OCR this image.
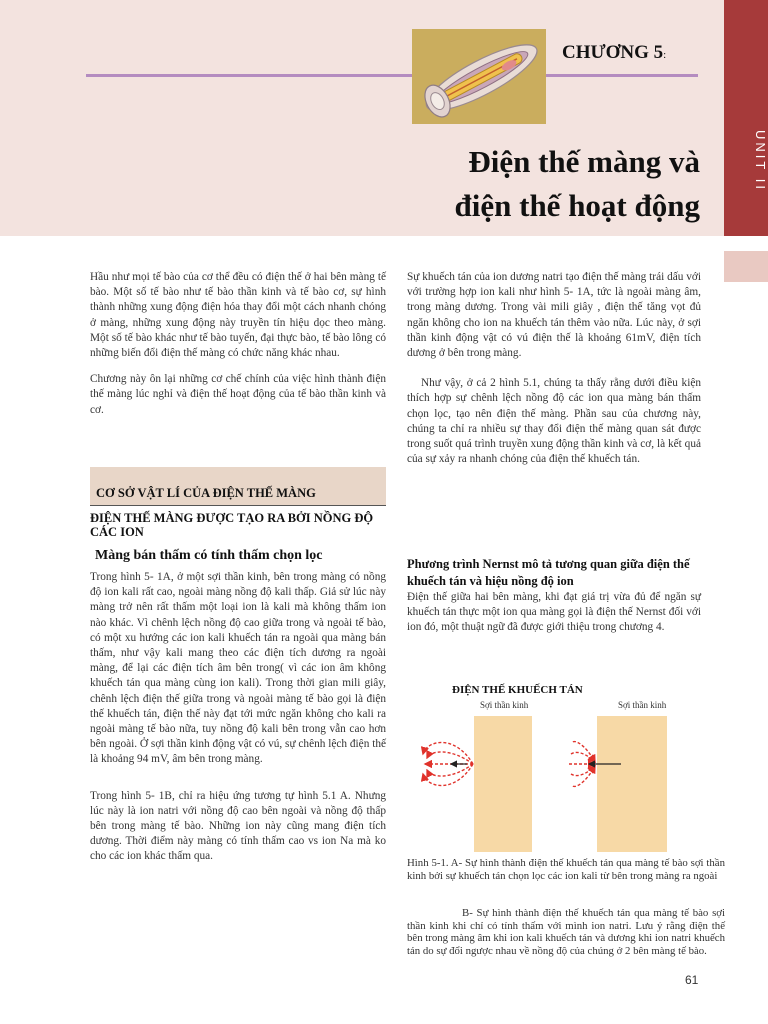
UNIT II
CHƯƠNG 5:
Điện thế màng và
điện thế hoạt động

Hầu như mọi tế bào của cơ thể đều có điện thế ở hai bên màng tế bào. Một số tế bào như tế bào thần kinh và tế bào cơ, sự hình thành những xung động điện hóa thay đổi một cách nhanh chóng ở màng, những xung động này truyền tín hiệu dọc theo màng. Một số tế bào khác như tế bào tuyến, đại thực bào, tế bào lông có những biến đổi điện thế màng có chức năng khác nhau.

Chương này ôn lại những cơ chế chính của việc hình thành điện thế màng lúc nghỉ và điện thế hoạt động của tế bào thần kinh và cơ.

CƠ SỞ VẬT LÍ CỦA ĐIỆN THẾ MÀNG
ĐIỆN THẾ MÀNG ĐƯỢC TẠO RA BỞI NỒNG ĐỘ CÁC ION
Màng bán thấm có tính thấm chọn lọc

Trong hình 5- 1A, ở một sợi thần kinh, bên trong màng có nồng độ ion kali rất cao, ngoài màng nồng độ kali thấp. Giả sử lúc này màng trở nên rất thấm một loại ion là kali mà không thấm ion nào khác. Vì chênh lệch nồng độ cao giữa trong và ngoài tế bào, có một xu hướng các ion kali khuếch tán ra ngoài qua màng bán thấm, như vậy kali mang theo các điện tích dương ra ngoài màng, để lại các điện tích âm bên trong( vì các ion âm không khuếch tán qua màng cùng ion kali). Trong thời gian mili giây, chênh lệch điện thế giữa trong và ngoài màng tế bào gọi là điện thế khuếch tán, điện thế này đạt tới mức ngăn không cho kali ra ngoài màng tế bào nữa, tuy nồng độ kali bên trong vẫn cao hơn bên ngoài. Ở sợi thần kinh động vật có vú, sự chênh lệch điện thế là khoảng 94 mV, âm bên trong màng.

Trong hình 5- 1B, chỉ ra hiệu ứng tương tự hình 5.1 A. Nhưng lúc này là ion natri với nồng độ cao bên ngoài và nồng độ thấp bên trong màng tế bào. Những ion này cũng mang điện tích dương. Thời điểm này màng có tính thấm cao vs ion Na mà ko cho các ion khác thấm qua.

Sự khuếch tán của ion dương natri tạo điện thế màng trái dấu với với trường hợp ion kali như hình 5- 1A, tức là ngoài màng âm, trong màng dương. Trong vài mili giây , điện thế tăng vọt đủ ngăn không cho ion na khuếch tán thêm vào nữa. Lúc này, ở sợi thần kinh động vật có vú điện thế là khoảng 61mV, điện tích dương ở bên trong màng.

Như vậy, ở cả 2 hình 5.1, chúng ta thấy rằng dưới điều kiện thích hợp sự chênh lệch nồng độ các ion qua màng bán thấm chọn lọc, tạo nên điện thế màng. Phần sau của chương này, chúng ta chỉ ra nhiều sự thay đổi điện thế màng quan sát được trong suốt quá trình truyền xung động thần kinh và cơ, là kết quả của sự xảy ra nhanh chóng của điện thế khuếch tán.

Phương trình Nernst mô tả tương quan giữa điện thế khuếch tán và hiệu nồng độ ion

Điện thế giữa hai bên màng, khi đạt giá trị vừa đủ để ngăn sự khuếch tán thực một ion qua màng gọi là điện thế Nernst đối với ion đó, một thuật ngữ đã được giới thiệu trong chương 4.

ĐIỆN THẾ KHUẾCH TÁN
Sợi thần kinh	Sợi thần kinh
Hình 5-1. A- Sự hình thành điện thế khuếch tán qua màng tế bào sợi thần kinh bởi sự khuếch tán chọn lọc các ion kali từ bên trong màng ra ngoài
B- Sự hình thành điện thế khuếch tán qua màng tế bào sợi thần kinh khi chỉ có tính thấm với mình ion natri. Lưu ý rằng điện thế bên trong màng âm khi ion kali khuếch tán và dương khi ion natri khuếch tán do sự đổi ngược nhau về nồng độ của chúng ở 2 bên màng tế bào.
61
